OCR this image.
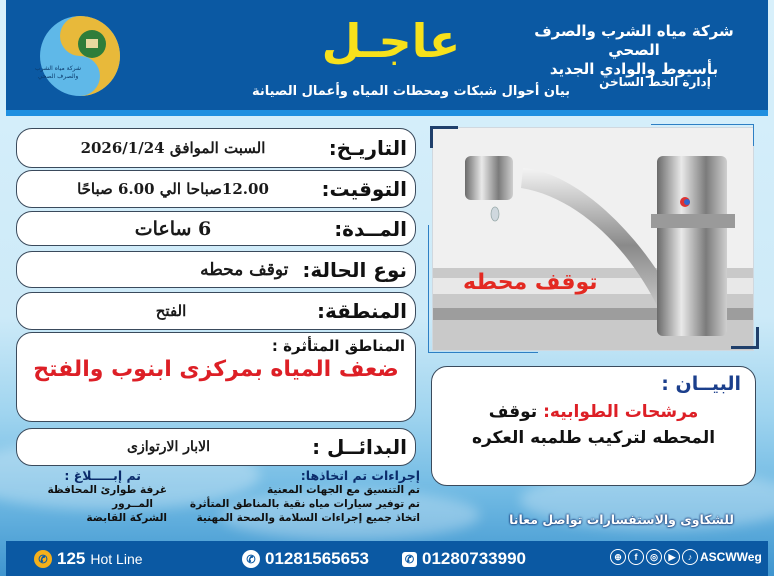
شركة مياه الشرب
والصرف الصحي
عاجـل
بيان أحوال شبكات ومحطات المياه وأعمال الصيانة
شركة مياه الشرب والصرف الصحي
بأسيوط والوادي الجديد
إدارة الخط الساخن
التاريـخ:
السبت الموافق 2026/1/24
التوقيت:
12.00صباحا الي 6.00 صباحًا
المــدة:
6 ساعات
نوع الحالة:
توقف محطه
المنطقة:
الفتح
المناطق المتأثرة :
ضعف المياه بمركزى ابنوب والفتح
البدائــل :
الابار الارتوازى
توقف محطه
البيــان :
مرشحات الطوابيه: توقف
المحطه لتركيب طلمبه العكره
إجراءات تم اتخاذها:
تم التنسيق مع الجهات المعنية
تم توفير سيارات مياه نقية بالمناطق المتأثرة
اتخاذ جميع إجراءات السلامة والصحة المهنية
تم إبـــــلاغ :
غرفة طوارئ المحافظة
المــرور
الشركة القابضة	للشكاوى والاستفسارات تواصل معانا
✆ 125 Hot Line	✆ 01281565653	✆ 01280733990	⊕	f	◎	▶	♪ ASCWWeg
